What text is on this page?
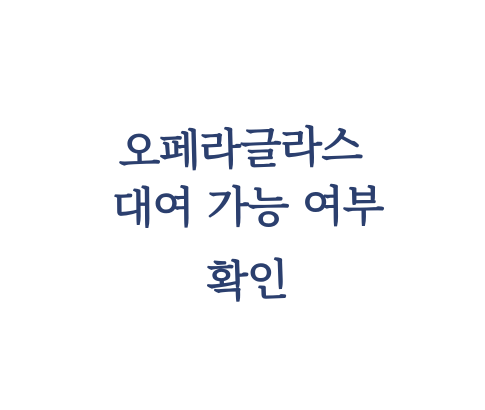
오페라글라스
대여 가능 여부
확인
